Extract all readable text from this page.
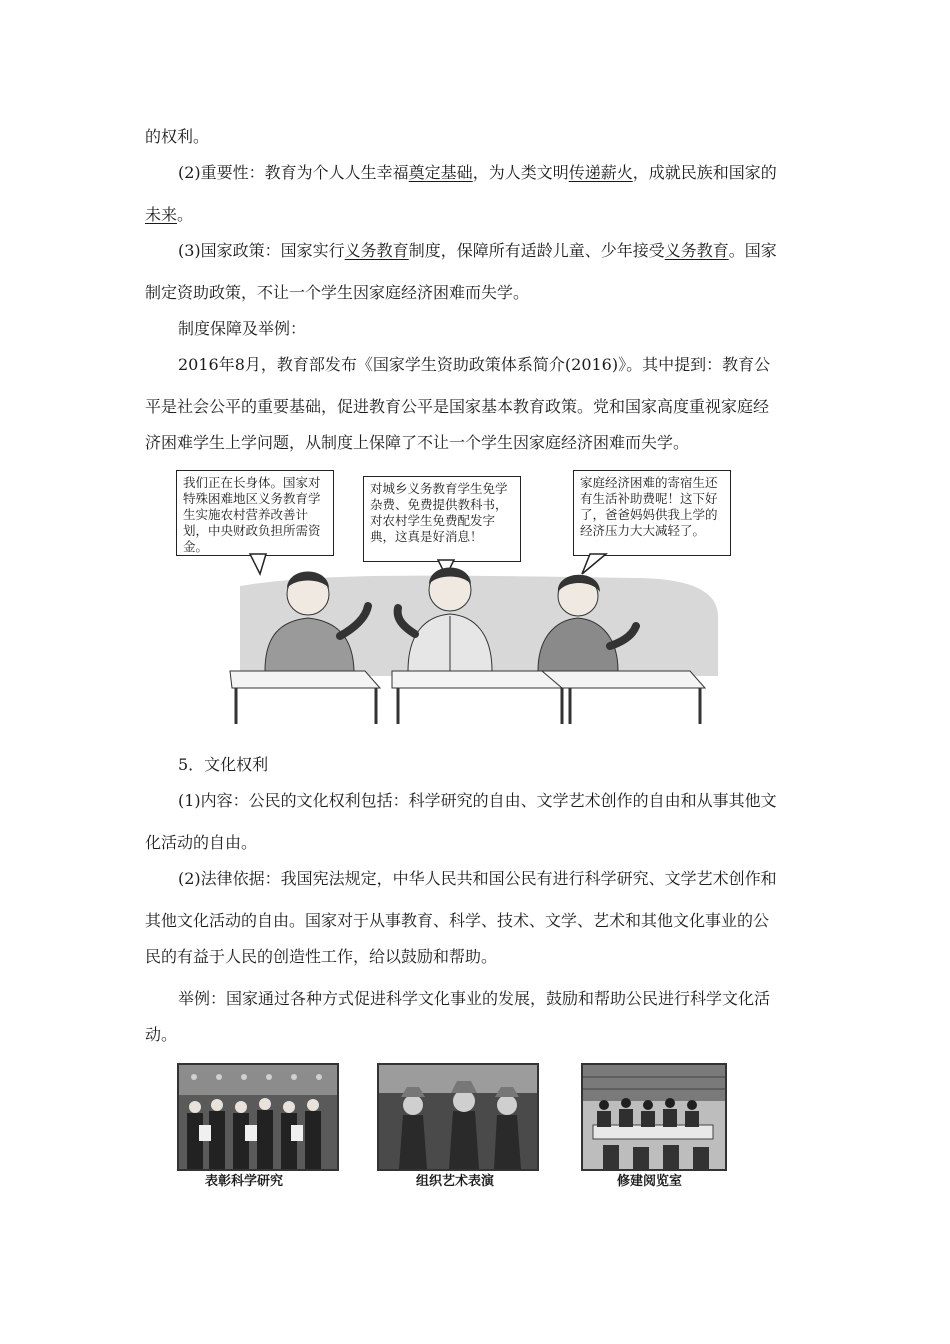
的权利。
(2)重要性：教育为个人人生幸福奠定基础，为人类文明传递薪火，成就民族和国家的
未来。
(3)国家政策：国家实行义务教育制度，保障所有适龄儿童、少年接受义务教育。国家
制定资助政策，不让一个学生因家庭经济困难而失学。
制度保障及举例：
2016年8月，教育部发布《国家学生资助政策体系简介(2016)》。其中提到：教育公
平是社会公平的重要基础，促进教育公平是国家基本教育政策。党和国家高度重视家庭经
济困难学生上学问题，从制度上保障了不让一个学生因家庭经济困难而失学。
我们正在长身体。国家对特殊困难地区义务教育学生实施农村营养改善计划，中央财政负担所需资金。
对城乡义务教育学生免学杂费、免费提供教科书，对农村学生免费配发字典，这真是好消息！
家庭经济困难的寄宿生还有生活补助费呢！这下好了，爸爸妈妈供我上学的经济压力大大减轻了。
5．文化权利
(1)内容：公民的文化权利包括：科学研究的自由、文学艺术创作的自由和从事其他文
化活动的自由。
(2)法律依据：我国宪法规定，中华人民共和国公民有进行科学研究、文学艺术创作和
其他文化活动的自由。国家对于从事教育、科学、技术、文学、艺术和其他文化事业的公
民的有益于人民的创造性工作，给以鼓励和帮助。
举例：国家通过各种方式促进科学文化事业的发展，鼓励和帮助公民进行科学文化活
动。
表彰科学研究	组织艺术表演	修建阅览室
